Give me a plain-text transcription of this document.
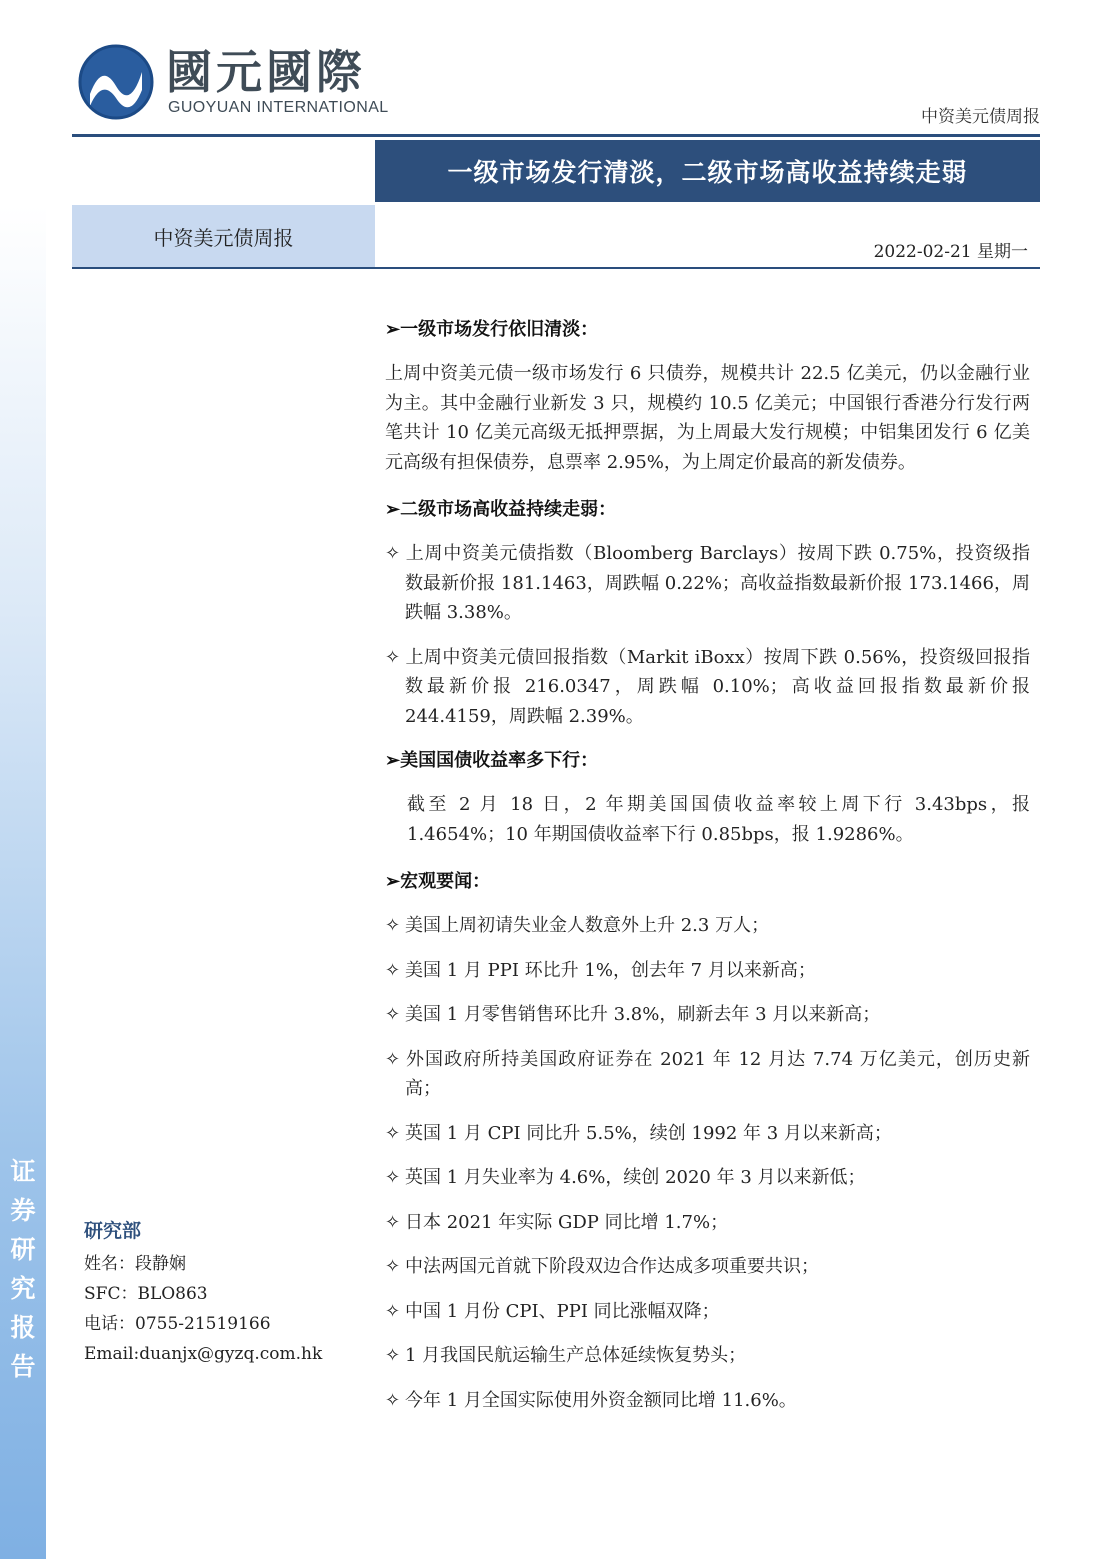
证券研究报告
國元國際
GUOYUAN INTERNATIONAL	中资美元债周报
一级市场发行清淡，二级市场高收益持续走弱
中资美元债周报
2022-02-21 星期一
➢一级市场发行依旧清淡：

上周中资美元债一级市场发行 6 只债券，规模共计 22.5 亿美元，仍以金融行业为主。其中金融行业新发 3 只，规模约 10.5 亿美元；中国银行香港分行发行两笔共计 10 亿美元高级无抵押票据，为上周最大发行规模；中铝集团发行 6 亿美元高级有担保债券，息票率 2.95%，为上周定价最高的新发债券。

➢二级市场高收益持续走弱：

✧ 上周中资美元债指数（Bloomberg Barclays）按周下跌 0.75%，投资级指数最新价报 181.1463，周跌幅 0.22%；高收益指数最新价报 173.1466，周跌幅 3.38%。

✧ 上周中资美元债回报指数（Markit iBoxx）按周下跌 0.56%，投资级回报指数最新价报 216.0347，周跌幅 0.10%；高收益回报指数最新价报 244.4159，周跌幅 2.39%。

➢美国国债收益率多下行：

截至 2 月 18 日，2 年期美国国债收益率较上周下行 3.43bps，报 1.4654%；10 年期国债收益率下行 0.85bps，报 1.9286%。

➢宏观要闻：

✧ 美国上周初请失业金人数意外上升 2.3 万人；

✧ 美国 1 月 PPI 环比升 1%，创去年 7 月以来新高；

✧ 美国 1 月零售销售环比升 3.8%，刷新去年 3 月以来新高；

✧ 外国政府所持美国政府证券在 2021 年 12 月达 7.74 万亿美元，创历史新高；

✧ 英国 1 月 CPI 同比升 5.5%，续创 1992 年 3 月以来新高；

✧ 英国 1 月失业率为 4.6%，续创 2020 年 3 月以来新低；

✧ 日本 2021 年实际 GDP 同比增 1.7%；

✧ 中法两国元首就下阶段双边合作达成多项重要共识；

✧ 中国 1 月份 CPI、PPI 同比涨幅双降；

✧ 1 月我国民航运输生产总体延续恢复势头；

✧ 今年 1 月全国实际使用外资金额同比增 11.6%。

研究部
姓名：段静娴
SFC：BLO863
电话：0755-21519166
Email:duanjx@gyzq.com.hk
